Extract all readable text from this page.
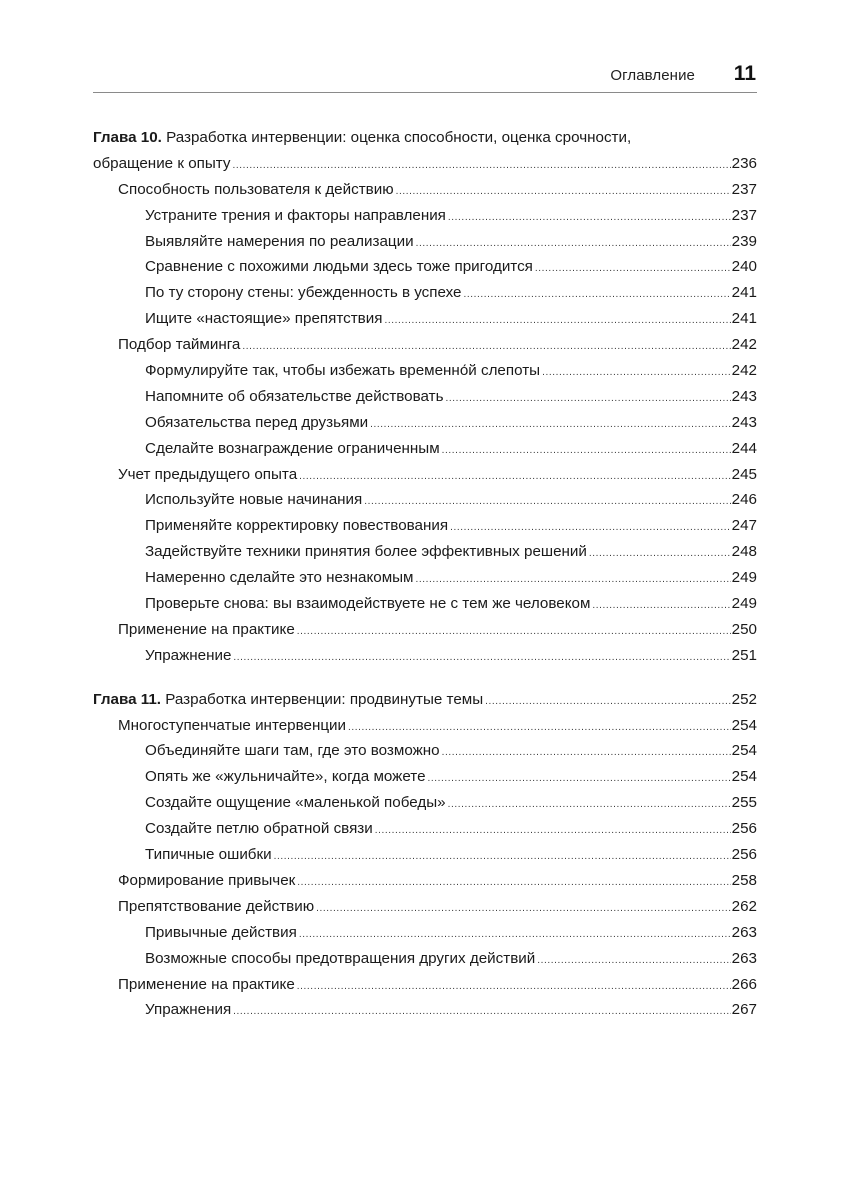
Оглавление 11
Глава 10. Разработка интервенции: оценка способности, оценка срочности,
обращение к опыту .....	236
Способность пользователя к действию .....	237
Устраните трения и факторы направления .....	237
Выявляйте намерения по реализации .....	239
Сравнение с похожими людьми здесь тоже пригодится .....	240
По ту сторону стены: убежденность в успехе .....	241
Ищите «настоящие» препятствия .....	241
Подбор тайминга .....	242
Формулируйте так, чтобы избежать временно́й слепоты .....	242
Напомните об обязательстве действовать .....	243
Обязательства перед друзьями .....	243
Сделайте вознаграждение ограниченным .....	244
Учет предыдущего опыта .....	245
Используйте новые начинания .....	246
Применяйте корректировку повествования .....	247
Задействуйте техники принятия более эффективных решений .....	248
Намеренно сделайте это незнакомым .....	249
Проверьте снова: вы взаимодействуете не с тем же человеком .....	249
Применение на практике .....	250
Упражнение .....	251
Глава 11. Разработка интервенции: продвинутые темы .....	252
Многоступенчатые интервенции .....	254
Объединяйте шаги там, где это возможно .....	254
Опять же «жульничайте», когда можете .....	254
Создайте ощущение «маленькой победы» .....	255
Создайте петлю обратной связи .....	256
Типичные ошибки .....	256
Формирование привычек .....	258
Препятствование действию .....	262
Привычные действия .....	263
Возможные способы предотвращения других действий .....	263
Применение на практике .....	266
Упражнения .....	267
